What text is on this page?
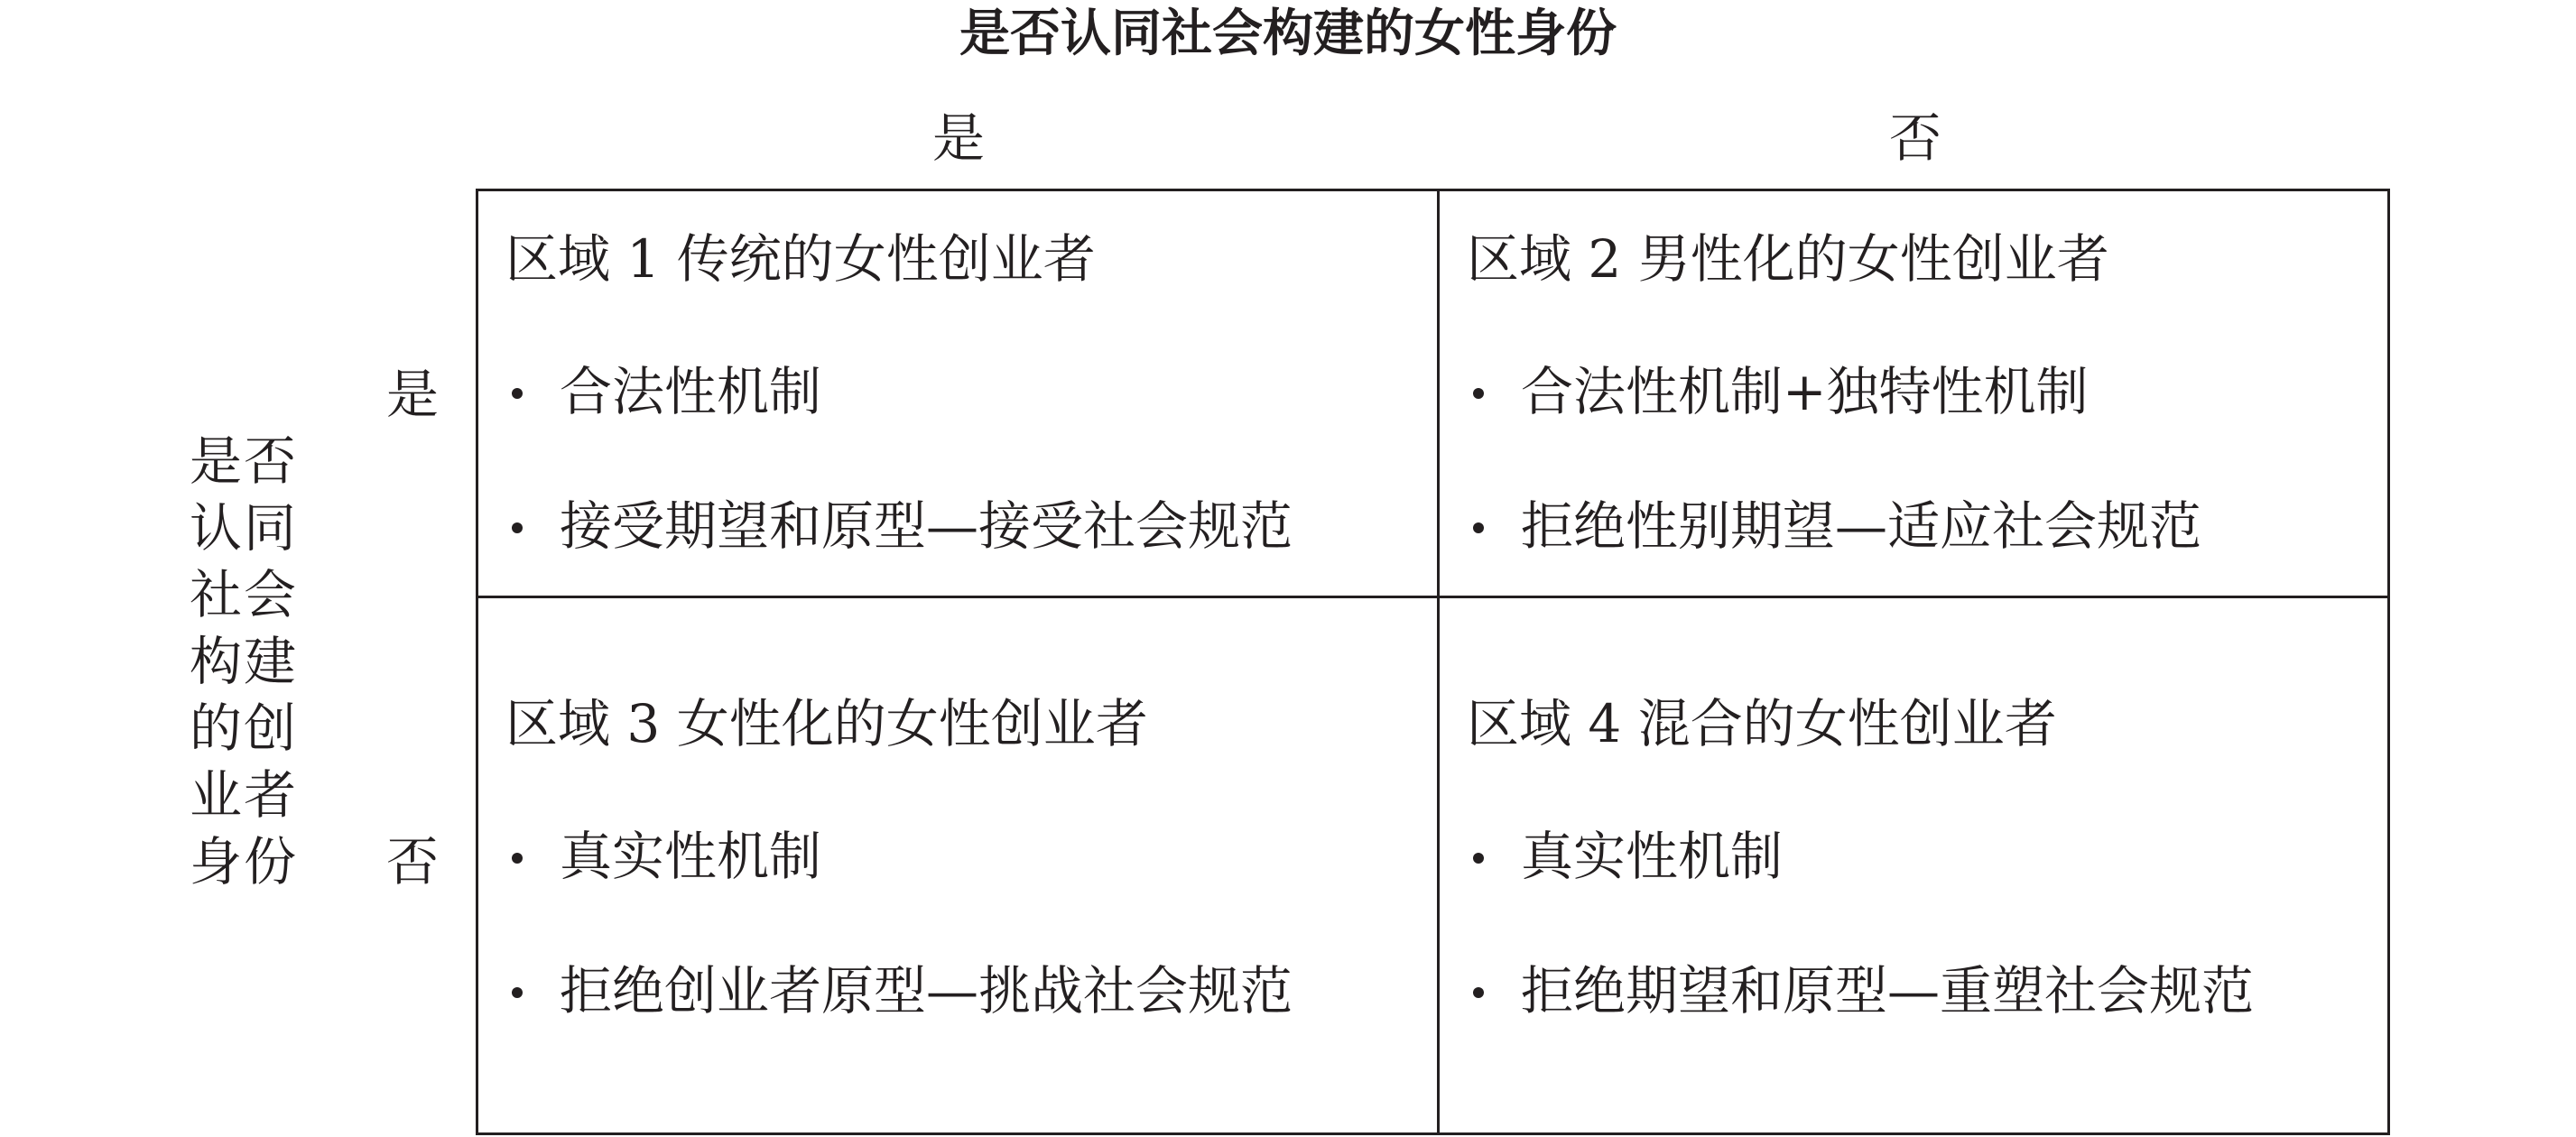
是否认同社会构建的女性身份
是	否
是
否
是否
认同
社会
构建
的创
业者
身份
区域 1 传统的女性创业者
合法性机制
接受期望和原型—接受社会规范
区域 2 男性化的女性创业者
合法性机制+独特性机制
拒绝性别期望—适应社会规范
区域 3 女性化的女性创业者
真实性机制
拒绝创业者原型—挑战社会规范
区域 4 混合的女性创业者
真实性机制
拒绝期望和原型—重塑社会规范
